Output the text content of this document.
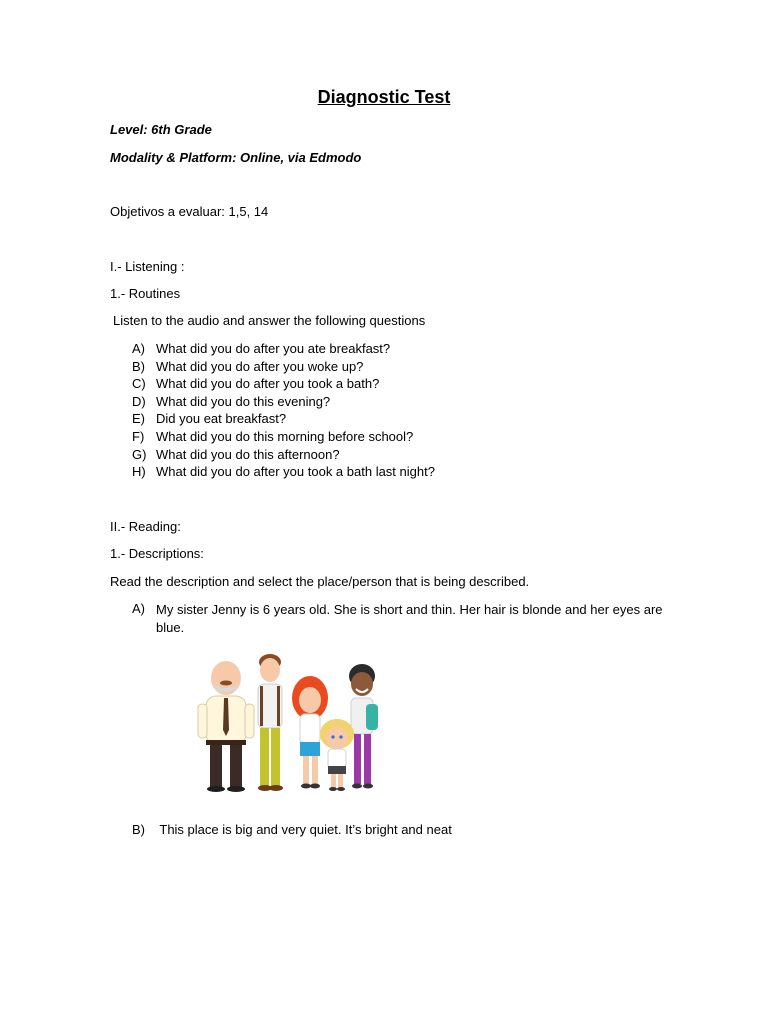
Diagnostic Test

Level: 6th Grade

Modality & Platform: Online, via Edmodo

Objetivos a evaluar: 1,5, 14

I.- Listening :

1.- Routines

Listen to the audio and answer the following questions

A) What did you do after you ate breakfast?
B) What did you do after you woke up?
C) What did you do after you took a bath?
D) What did you do this evening?
E) Did you eat breakfast?
F) What did you do this morning before school?
G) What did you do this afternoon?
H) What did you do after you took a bath last night?

II.- Reading:

1.- Descriptions:

Read the description and select the place/person that is being described.

A) My sister Jenny is 6 years old. She is short and thin. Her hair is blonde and her eyes are blue.
B) This place is big and very quiet. It’s bright and neat
